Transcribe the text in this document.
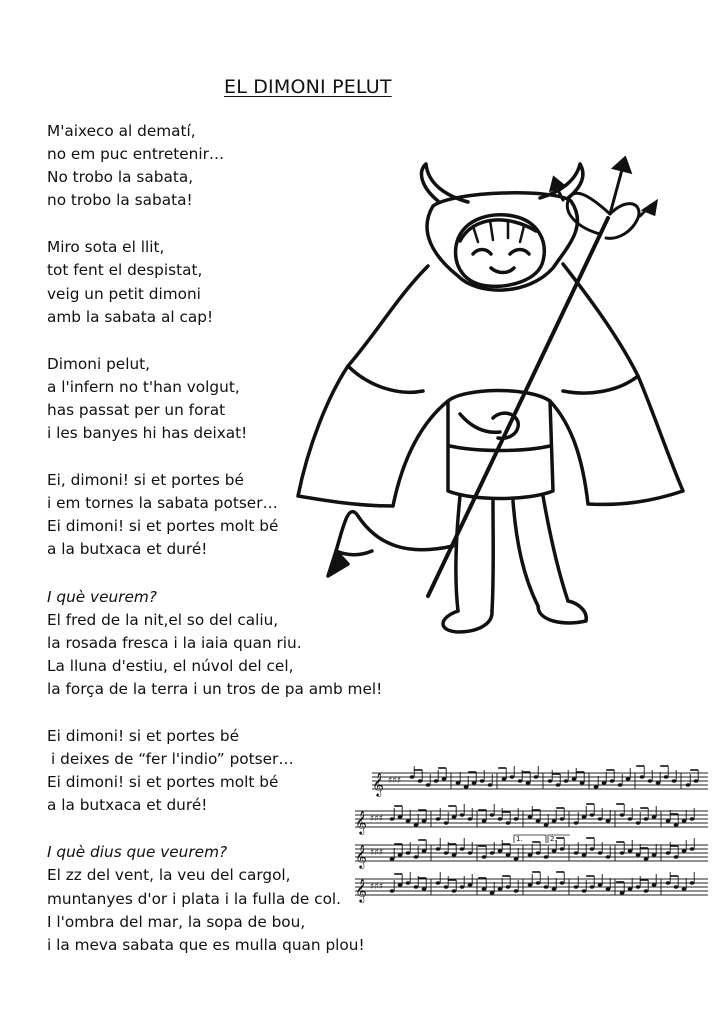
EL DIMONI PELUT
M'aixeco al dematí,
no em puc entretenir…
No trobo la sabata,
no trobo la sabata!
Miro sota el llit,
tot fent el despistat,
veig un petit dimoni
amb la sabata al cap!
Dimoni pelut,
a l'infern no t'han volgut,
has passat per un forat
i les banyes hi has deixat!
Ei, dimoni! si et portes bé
i em tornes la sabata potser…
Ei dimoni! si et portes molt bé
a la butxaca et duré!
I què veurem?
El fred de la nit,el so del caliu,
la rosada fresca i la iaia quan riu.
La lluna d'estiu, el núvol del cel,
la força de la terra i un tros de pa amb mel!
Ei dimoni! si et portes bé
i deixes de “fer l'indio” potser…
Ei dimoni! si et portes molt bé
a la butxaca et duré!
I què dius que veurem?
El zz del vent, la veu del cargol,
muntanyes d'or i plata i la fulla de col.
I l'ombra del mar, la sopa de bou,
i la meva sabata que es mulla quan plou!
𝄞
𝄞
𝄞
𝄞
♯♯♯
♯♯♯
♯♯♯
♯♯♯
1.	2.
